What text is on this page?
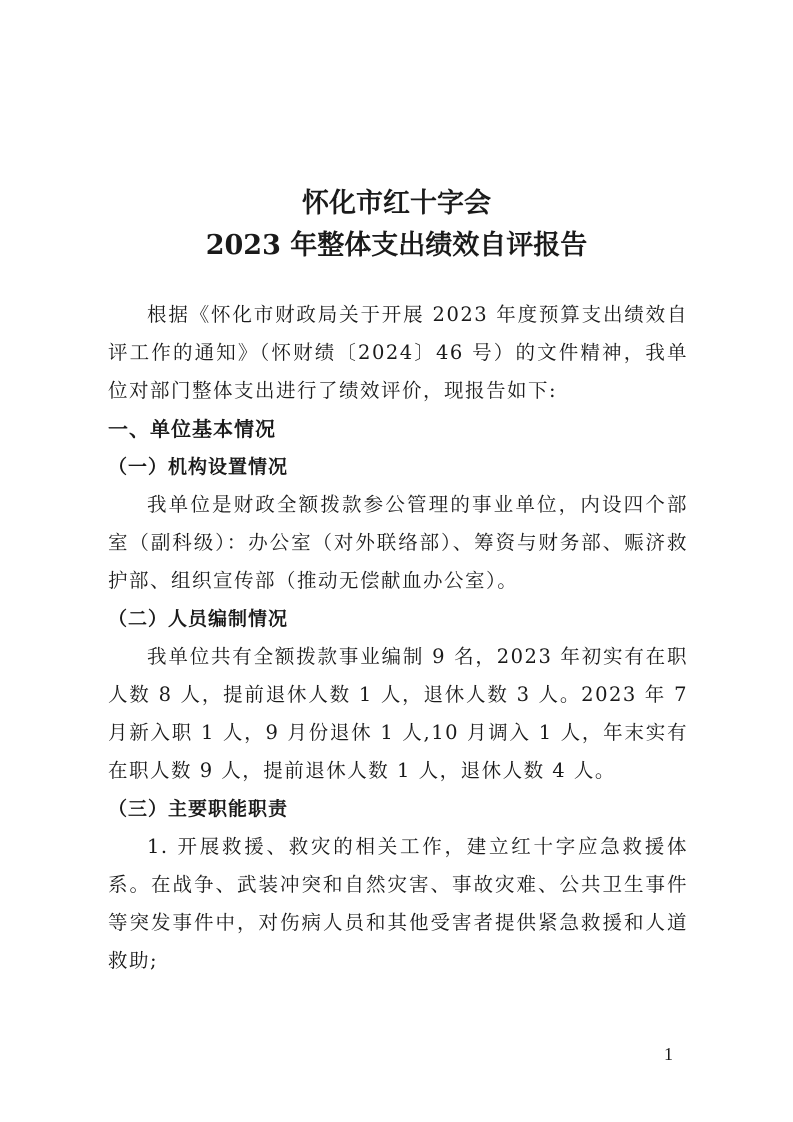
怀化市红十字会
2023 年整体支出绩效自评报告

根据《怀化市财政局关于开展 2023 年度预算支出绩效自评工作的通知》（怀财绩〔2024〕46 号）的文件精神，我单位对部门整体支出进行了绩效评价，现报告如下:

一、单位基本情况
（一）机构设置情况

我单位是财政全额拨款参公管理的事业单位，内设四个部室（副科级）：办公室（对外联络部）、筹资与财务部、赈济救护部、组织宣传部（推动无偿献血办公室）。

（二）人员编制情况

我单位共有全额拨款事业编制 9 名，2023 年初实有在职人数 8 人，提前退休人数 1 人，退休人数 3 人。2023 年 7 月新入职 1 人，9 月份退休 1 人,10 月调入 1 人，年末实有在职人数 9 人，提前退休人数 1 人，退休人数 4 人。

（三）主要职能职责

1. 开展救援、救灾的相关工作，建立红十字应急救援体系。在战争、武装冲突和自然灾害、事故灾难、公共卫生事件等突发事件中，对伤病人员和其他受害者提供紧急救援和人道救助;

1
